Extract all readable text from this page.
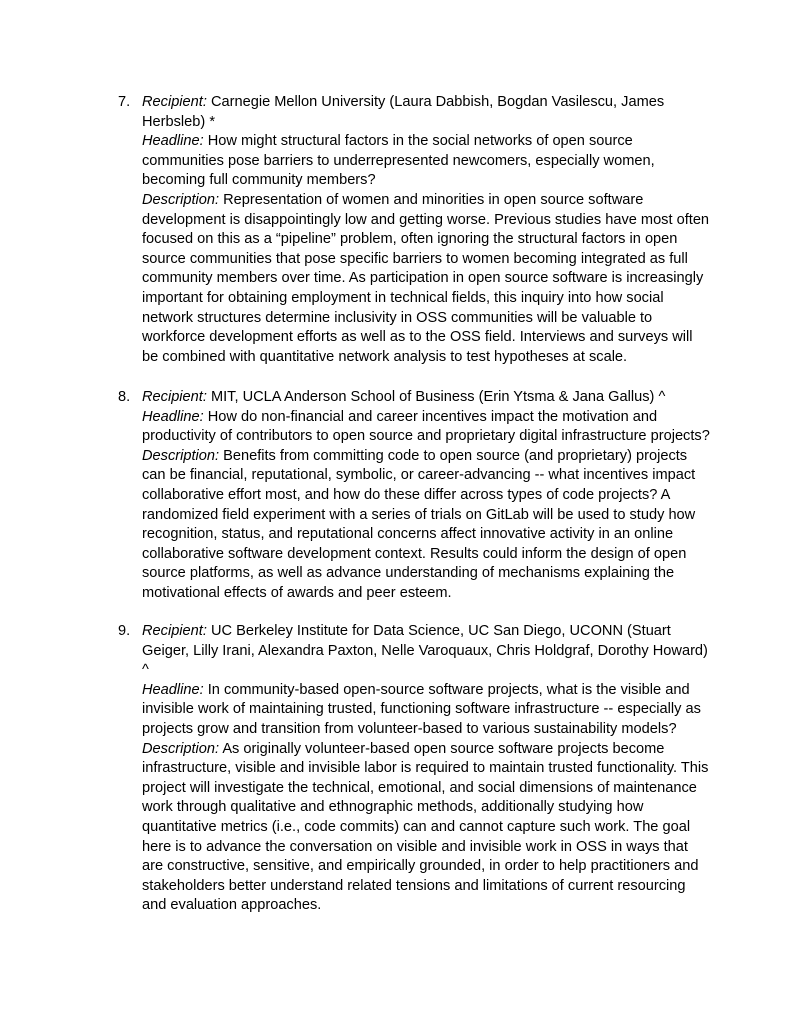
7. Recipient: Carnegie Mellon University (Laura Dabbish, Bogdan Vasilescu, James Herbsleb) *
Headline: How might structural factors in the social networks of open source communities pose barriers to underrepresented newcomers, especially women, becoming full community members?
Description: Representation of women and minorities in open source software development is disappointingly low and getting worse. Previous studies have most often focused on this as a “pipeline” problem, often ignoring the structural factors in open source communities that pose specific barriers to women becoming integrated as full community members over time. As participation in open source software is increasingly important for obtaining employment in technical fields, this inquiry into how social network structures determine inclusivity in OSS communities will be valuable to workforce development efforts as well as to the OSS field. Interviews and surveys will be combined with quantitative network analysis to test hypotheses at scale.
8. Recipient: MIT, UCLA Anderson School of Business (Erin Ytsma & Jana Gallus) ^
Headline: How do non-financial and career incentives impact the motivation and productivity of contributors to open source and proprietary digital infrastructure projects?
Description: Benefits from committing code to open source (and proprietary) projects can be financial, reputational, symbolic, or career-advancing -- what incentives impact collaborative effort most, and how do these differ across types of code projects? A randomized field experiment with a series of trials on GitLab will be used to study how recognition, status, and reputational concerns affect innovative activity in an online collaborative software development context. Results could inform the design of open source platforms, as well as advance understanding of mechanisms explaining the motivational effects of awards and peer esteem.
9. Recipient: UC Berkeley Institute for Data Science, UC San Diego, UCONN (Stuart Geiger, Lilly Irani, Alexandra Paxton, Nelle Varoquaux, Chris Holdgraf, Dorothy Howard) ^
Headline: In community-based open-source software projects, what is the visible and invisible work of maintaining trusted, functioning software infrastructure -- especially as projects grow and transition from volunteer-based to various sustainability models?
Description: As originally volunteer-based open source software projects become infrastructure, visible and invisible labor is required to maintain trusted functionality. This project will investigate the technical, emotional, and social dimensions of maintenance work through qualitative and ethnographic methods, additionally studying how quantitative metrics (i.e., code commits) can and cannot capture such work. The goal here is to advance the conversation on visible and invisible work in OSS in ways that are constructive, sensitive, and empirically grounded, in order to help practitioners and stakeholders better understand related tensions and limitations of current resourcing and evaluation approaches.
